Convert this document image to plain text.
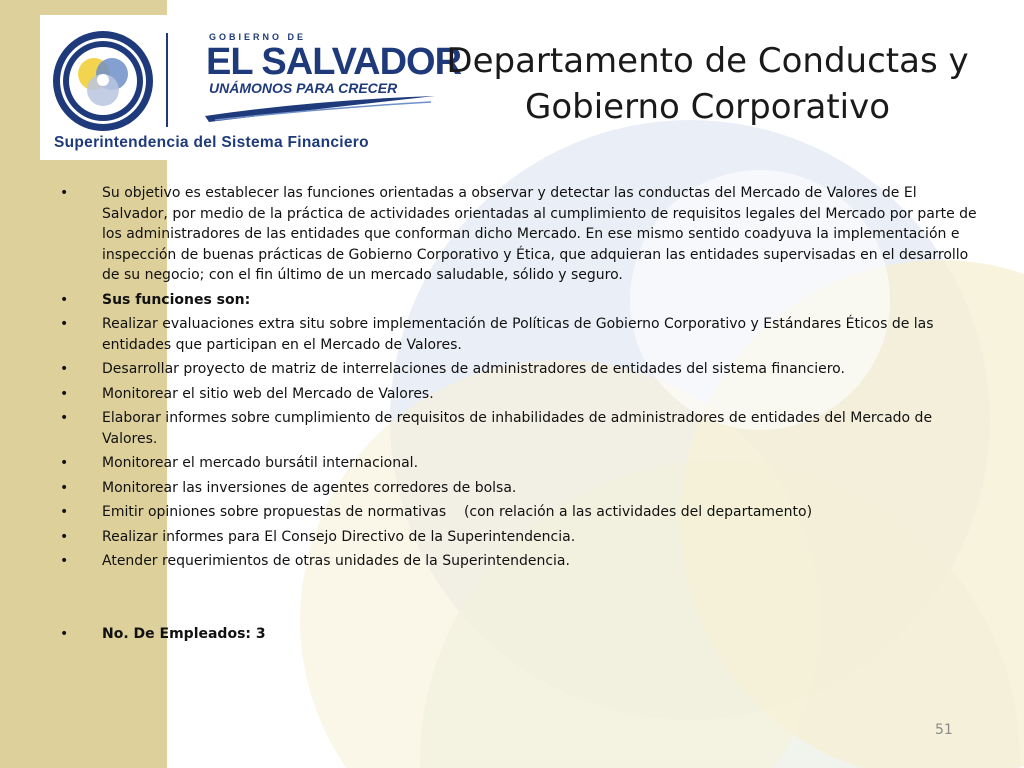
GOBIERNO DE
EL SALVADOR
UNÁMONOS PARA CRECER
Superintendencia del Sistema Financiero
Departamento de Conductas y
Gobierno Corporativo
•	Su objetivo es establecer las funciones orientadas a observar y detectar las conductas del Mercado de Valores de El Salvador, por medio de la práctica de actividades orientadas al cumplimiento de requisitos legales del Mercado por parte de los administradores de las entidades que conforman dicho Mercado. En ese mismo sentido coadyuva la implementación e inspección de buenas prácticas de Gobierno Corporativo y Ética, que adquieran las entidades supervisadas en el desarrollo de su negocio; con el fin último de un mercado saludable, sólido y seguro.
•	Sus funciones son:
•	Realizar evaluaciones extra situ sobre implementación de Políticas de Gobierno Corporativo y Estándares Éticos de las entidades que participan en el Mercado de Valores.
•	Desarrollar proyecto de matriz de interrelaciones de administradores de entidades del sistema financiero.
•	Monitorear el sitio web del Mercado de Valores.
•	Elaborar informes sobre cumplimiento de requisitos de inhabilidades de administradores de entidades del Mercado de Valores.
•	Monitorear el mercado bursátil internacional.
•	Monitorear las inversiones de agentes corredores de bolsa.
•	Emitir opiniones sobre propuestas de normativas    (con relación a las actividades del departamento)
•	Realizar informes para El Consejo Directivo de la Superintendencia.
•	Atender requerimientos de otras unidades de la Superintendencia.
•	No. De Empleados: 3
51
